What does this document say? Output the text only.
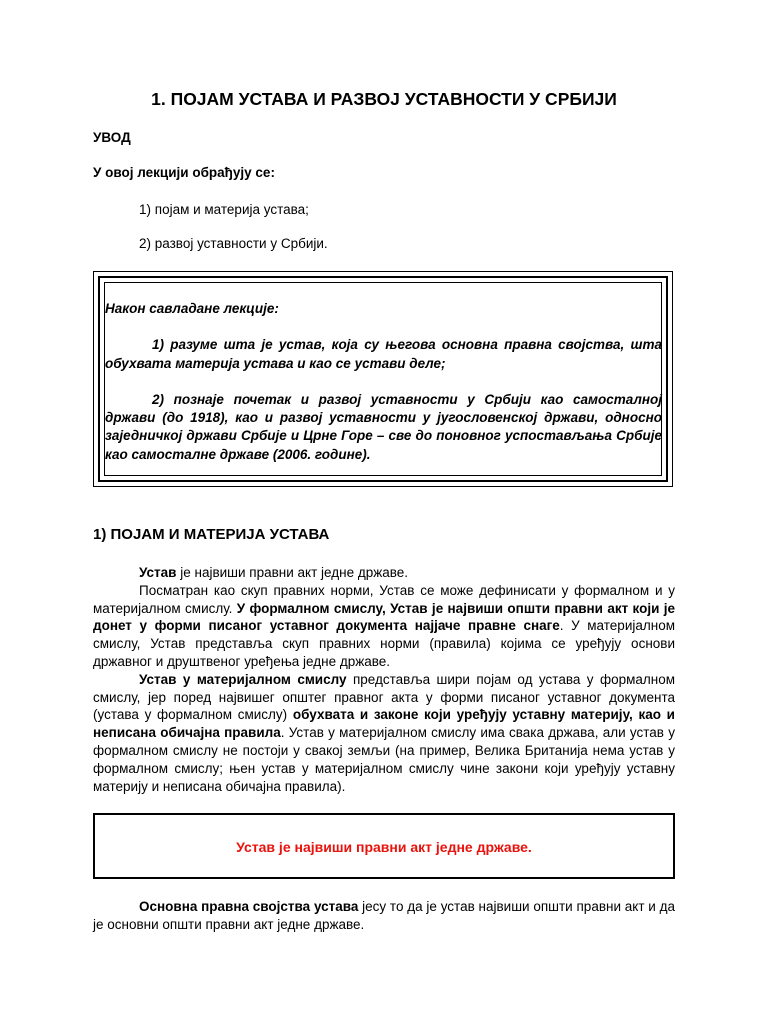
1. ПОЈАМ УСТАВА И РАЗВОЈ УСТАВНОСТИ У СРБИЈИ
УВОД
У овој лекцији обрађују се:
1) појам и материја устава;
2) развој уставности у Србији.

Након савладане лекције:

1) разуме шта је устав, која су његова основна правна својства, шта обухвата материја устава и као се устави деле;

2) познаје почетак и развој уставности у Србији као самосталној држави (до 1918), као и развој уставности у југословенској држави, односно заједничкој држави Србије и Црне Горе – све до поновног успостављања Србије као самосталне државе (2006. године).

1) ПОЈАМ И МАТЕРИЈА УСТАВА

Устав је највиши правни акт једне државе.

Посматран као скуп правних норми, Устав се може дефинисати у формалном и у материјалном смислу. У формалном смислу, Устав је највиши општи правни акт који је донет у форми писаног уставног документа најјаче правне снаге. У материјалном смислу, Устав представља скуп правних норми (правила) којима се уређују основи државног и друштвеног уређења једне државе.

Устав у материјалном смислу представља шири појам од устава у формалном смислу, јер поред највишег општег правног акта у форми писаног уставног документа (устава у формалном смислу) обухвата и законе који уређују уставну материју, као и неписана обичајна правила. Устав у материјалном смислу има свака држава, али устав у формалном смислу не постоји у свакој земљи (на пример, Велика Британија нема устав у формалном смислу; њен устав у материјалном смислу чине закони који уређују уставну материју и неписана обичајна правила).

Устав је највиши правни акт једне државе.

Основна правна својства устава јесу то да је устав највиши општи правни акт и да је основни општи правни акт једне државе.
